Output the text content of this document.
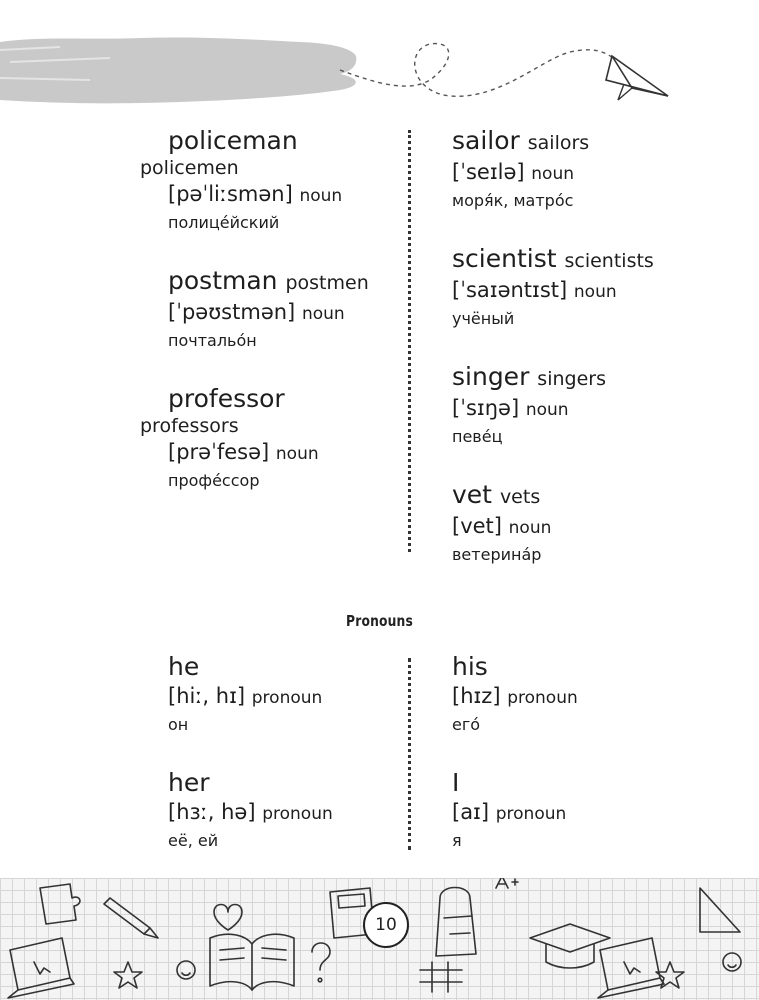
policeman
policemen
[pəˈliːsmən] noun
полице́йский
postman postmen
[ˈpəʊstmən] noun
почтальо́н
professor
professors
[prəˈfesə] noun
профе́ссор
sailor sailors
[ˈseɪlə] noun
моря́к, матро́с
scientist scientists
[ˈsaɪəntɪst] noun
учёный
singer singers
[ˈsɪŋə] noun
певе́ц
vet vets
[vet] noun
ветерина́р
Pronouns
he
[hiː, hɪ] pronoun
он
her
[hɜː, hə] pronoun
её, ей
his
[hɪz] pronoun
его́
I
[aɪ] pronoun
я
10
